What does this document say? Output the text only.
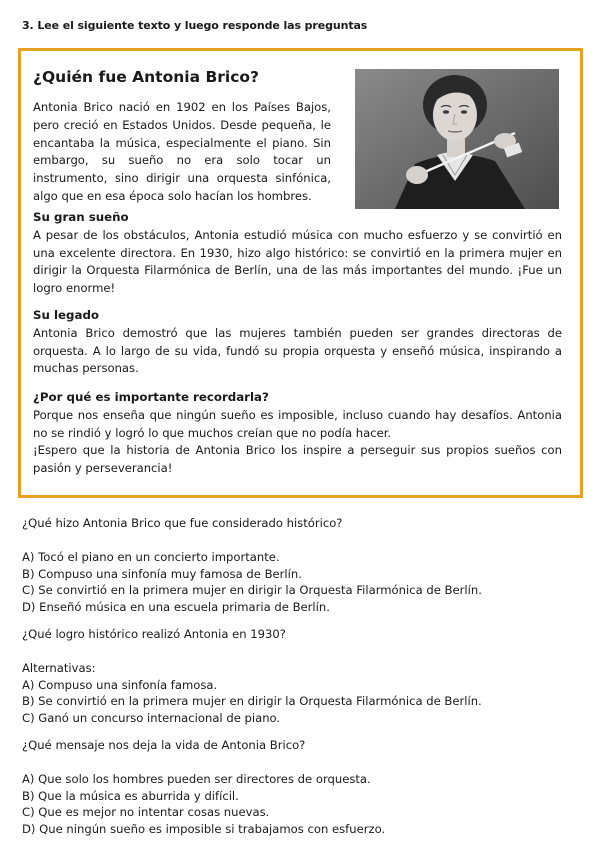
3. Lee el siguiente texto y luego responde las preguntas
¿Quién fue Antonia Brico?

Antonia Brico nació en 1902 en los Países Bajos, pero creció en Estados Unidos. Desde pequeña, le encantaba la música, especialmente el piano. Sin embargo, su sueño no era solo tocar un instrumento, sino dirigir una orquesta sinfónica, algo que en esa época solo hacían los hombres.

Su gran sueño

A pesar de los obstáculos, Antonia estudió música con mucho esfuerzo y se convirtió en una excelente directora. En 1930, hizo algo histórico: se convirtió en la primera mujer en dirigir la Orquesta Filarmónica de Berlín, una de las más importantes del mundo. ¡Fue un logro enorme!

Su legado

Antonia Brico demostró que las mujeres también pueden ser grandes directoras de orquesta. A lo largo de su vida, fundó su propia orquesta y enseñó música, inspirando a muchas personas.

¿Por qué es importante recordarla?

Porque nos enseña que ningún sueño es imposible, incluso cuando hay desafíos. Antonia no se rindió y logró lo que muchos creían que no podía hacer.

¡Espero que la historia de Antonia Brico los inspire a perseguir sus propios sueños con pasión y perseverancia!

¿Qué hizo Antonia Brico que fue considerado histórico?
A) Tocó el piano en un concierto importante.
B) Compuso una sinfonía muy famosa de Berlín.
C) Se convirtió en la primera mujer en dirigir la Orquesta Filarmónica de Berlín.
D) Enseñó música en una escuela primaria de Berlín.
¿Qué logro histórico realizó Antonia en 1930?
Alternativas:
A) Compuso una sinfonía famosa.
B) Se convirtió en la primera mujer en dirigir la Orquesta Filarmónica de Berlín.
C) Ganó un concurso internacional de piano.
¿Qué mensaje nos deja la vida de Antonia Brico?
A) Que solo los hombres pueden ser directores de orquesta.
B) Que la música es aburrida y difícil.
C) Que es mejor no intentar cosas nuevas.
D) Que ningún sueño es imposible si trabajamos con esfuerzo.
